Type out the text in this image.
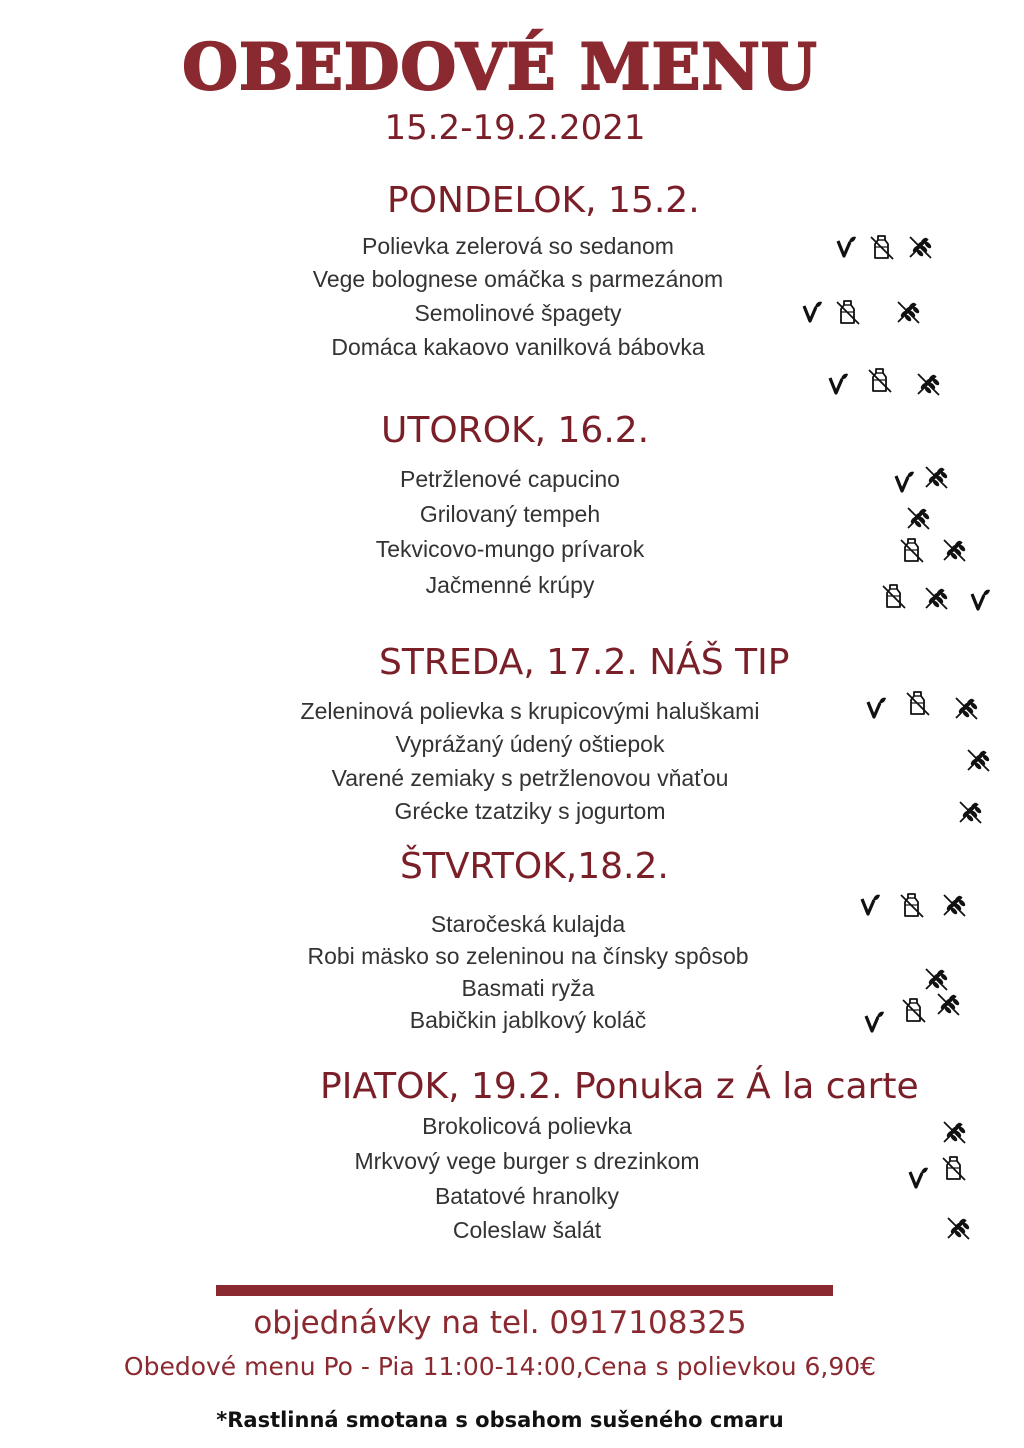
OBEDOVÉ MENU
15.2-19.2.2021
PONDELOK, 15.2.
Polievka zelerová so sedanom
Vege bolognese omáčka s parmezánom
Semolinové špagety
Domáca kakaovo vanilková bábovka
UTOROK, 16.2.
Petržlenové capucino
Grilovaný tempeh
Tekvicovo-mungo prívarok
Jačmenné krúpy
STREDA, 17.2. NÁŠ TIP
Zeleninová polievka s krupicovými haluškami
Vyprážaný údený oštiepok
Varené zemiaky s petržlenovou vňaťou
Grécke tzatziky s jogurtom
ŠTVRTOK,18.2.
Staročeská kulajda
Robi mäsko so zeleninou na čínsky spôsob
Basmati ryža
Babičkin jablkový koláč
PIATOK, 19.2. Ponuka z Á la carte
Brokolicová polievka
Mrkvový vege burger s drezinkom
Batatové hranolky
Coleslaw šalát
objednávky na tel. 0917108325
Obedové menu Po - Pia 11:00-14:00,Cena s polievkou 6,90€
*Rastlinná smotana s obsahom sušeného cmaru
